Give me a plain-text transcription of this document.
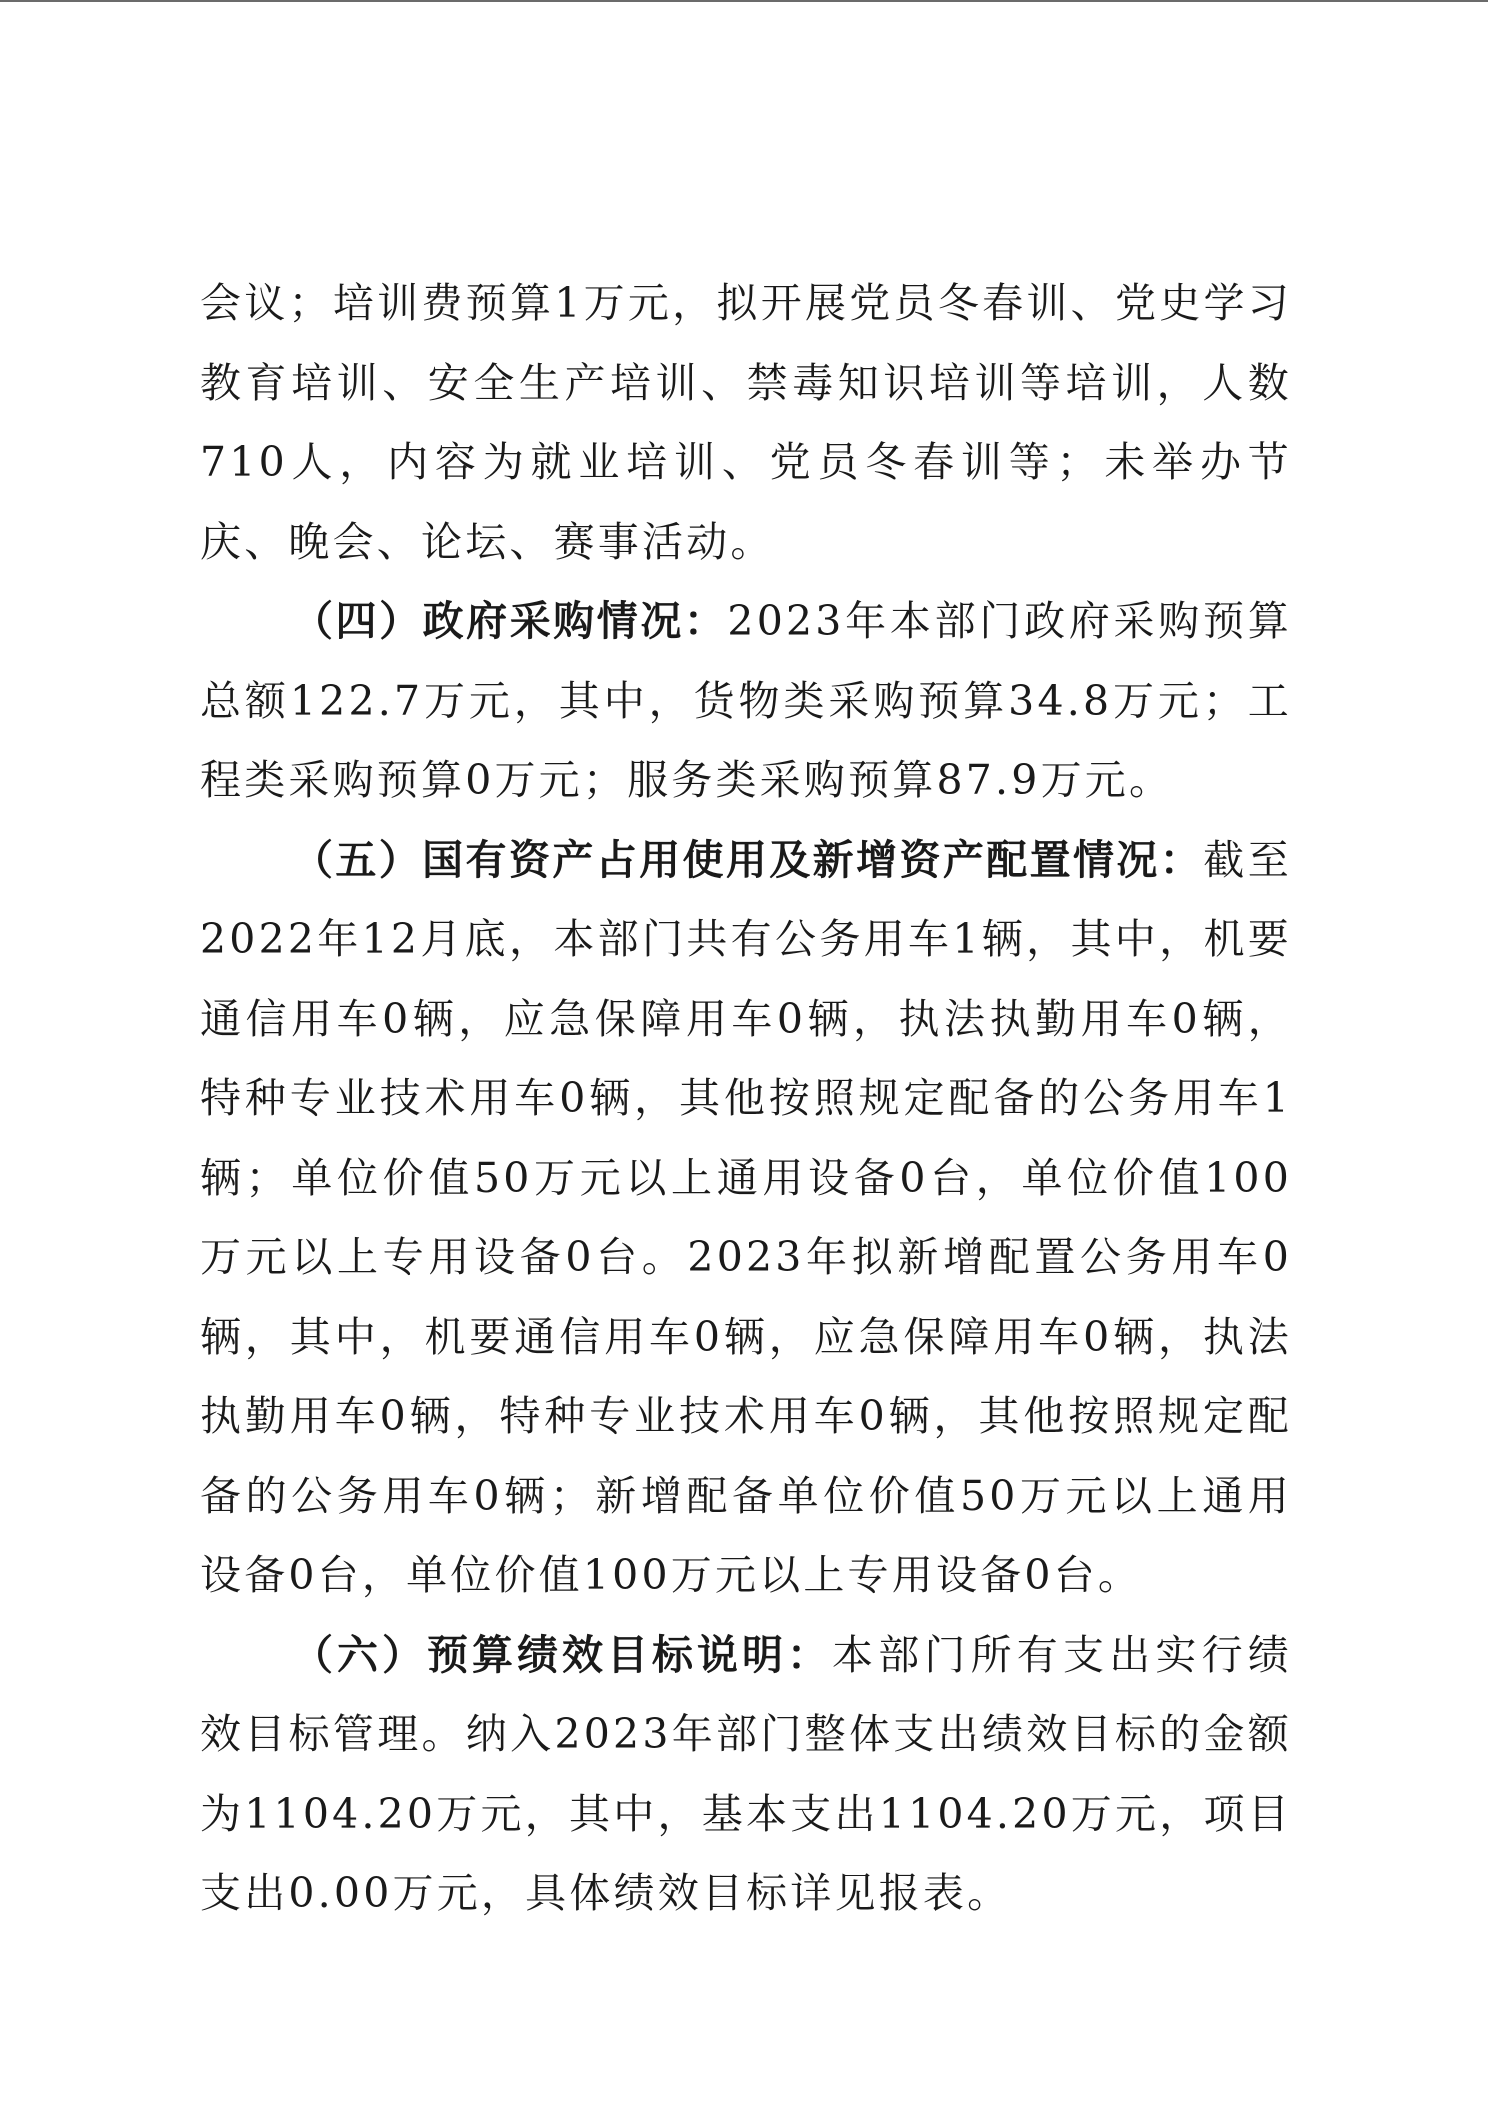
会议；培训费预算1万元，拟开展党员冬春训、党史学习教育培训、安全生产培训、禁毒知识培训等培训，人数710人，内容为就业培训、党员冬春训等；未举办节庆、晚会、论坛、赛事活动。

（四）政府采购情况：2023年本部门政府采购预算总额122.7万元，其中，货物类采购预算34.8万元；工程类采购预算0万元；服务类采购预算87.9万元。

（五）国有资产占用使用及新增资产配置情况：截至2022年12月底，本部门共有公务用车1辆，其中，机要通信用车0辆，应急保障用车0辆，执法执勤用车0辆，特种专业技术用车0辆，其他按照规定配备的公务用车1辆；单位价值50万元以上通用设备0台，单位价值100万元以上专用设备0台。2023年拟新增配置公务用车0辆，其中，机要通信用车0辆，应急保障用车0辆，执法执勤用车0辆，特种专业技术用车0辆，其他按照规定配备的公务用车0辆；新增配备单位价值50万元以上通用设备0台，单位价值100万元以上专用设备0台。

（六）预算绩效目标说明：本部门所有支出实行绩效目标管理。纳入2023年部门整体支出绩效目标的金额为1104.20万元，其中，基本支出1104.20万元，项目支出0.00万元，具体绩效目标详见报表。
